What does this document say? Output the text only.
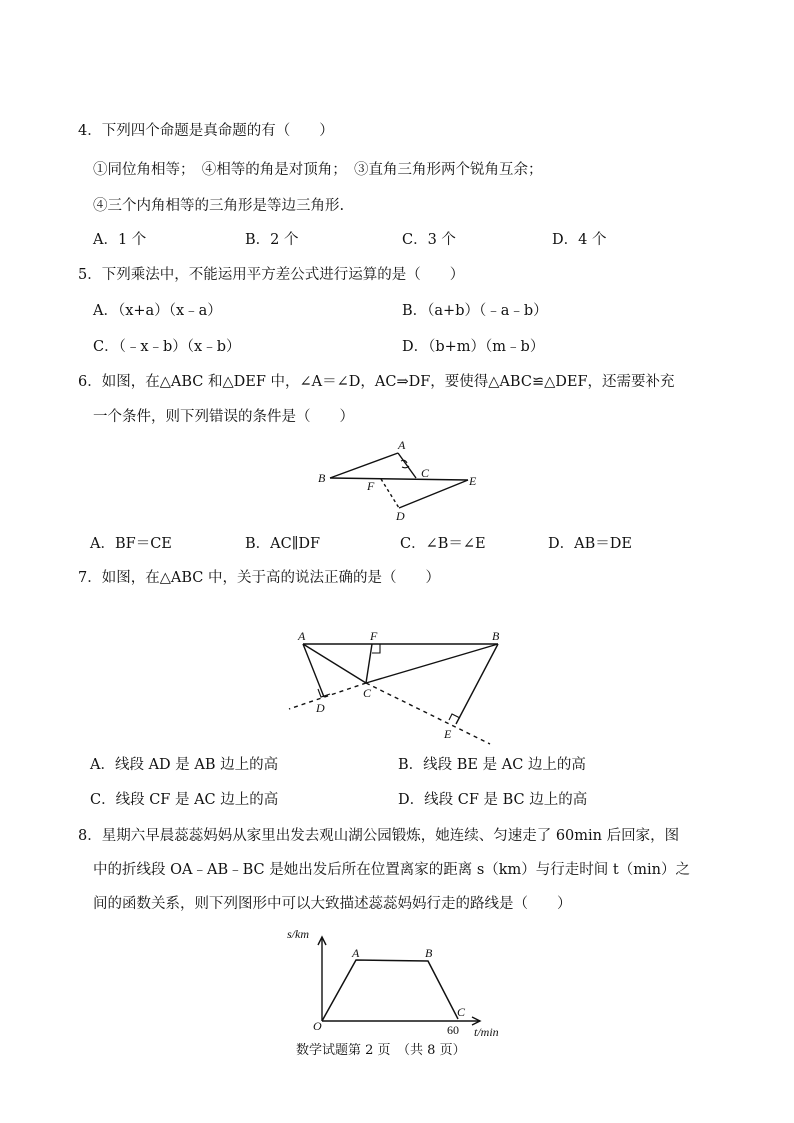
4．下列四个命题是真命题的有（　　）
①同位角相等；　④相等的角是对顶角；　③直角三角形两个锐角互余；
④三个内角相等的三角形是等边三角形.
A．1 个	B．2 个	C．3 个	D．4 个
5．下列乘法中，不能运用平方差公式进行运算的是（　　）
A．（x+a）（x﹣a）	B．（a+b）（﹣a﹣b）
C．（﹣x﹣b）（x﹣b）	D．（b+m）（m﹣b）
6．如图，在△ABC 和△DEF 中，∠A＝∠D，AC⇒DF，要使得△ABC≌△DEF，还需要补充
一个条件，则下列错误的条件是（　　）
A
B	C
D
E
F
A．BF＝CE	B．AC∥DF	C．∠B＝∠E	D．AB＝DE
7．如图，在△ABC 中，关于高的说法正确的是（　　）
A	B
C
D
E
F
A．线段 AD 是 AB 边上的高	B．线段 BE 是 AC 边上的高
C．线段 CF 是 AC 边上的高	D．线段 CF 是 BC 边上的高
8．星期六早晨蕊蕊妈妈从家里出发去观山湖公园锻炼，她连续、匀速走了 60min 后回家，图
中的折线段 OA﹣AB﹣BC 是她出发后所在位置离家的距离 s（km）与行走时间 t（min）之
间的函数关系，则下列图形中可以大致描述蕊蕊妈妈行走的路线是（　　）
s/km
t/min
O	60
A	B
C
数学试题第 2 页　（共 8 页）
